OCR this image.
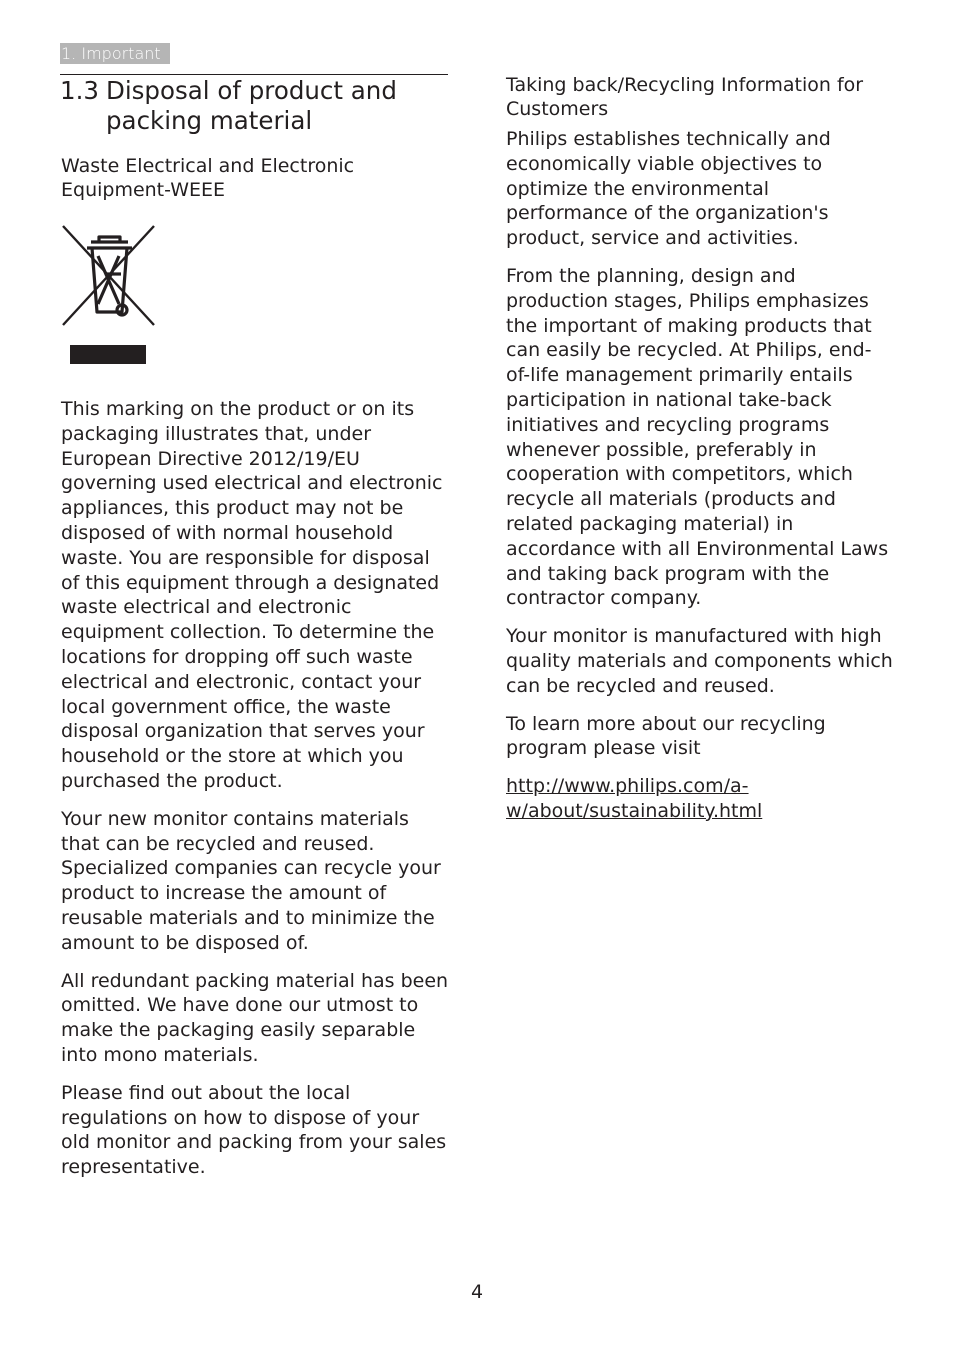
1. Important
1.3 Disposal of product and packing material
Waste Electrical and Electronic Equipment-WEEE

This marking on the product or on its packaging illustrates that, under European Directive 2012/19/EU governing used electrical and electronic appliances, this product may not be disposed of with normal household waste. You are responsible for disposal of this equipment through a designated waste electrical and electronic equipment collection. To determine the locations for dropping off such waste electrical and electronic, contact your local government office, the waste disposal organization that serves your household or the store at which you purchased the product.

Your new monitor contains materials that can be recycled and reused. Specialized companies can recycle your product to increase the amount of reusable materials and to minimize the amount to be disposed of.

All redundant packing material has been omitted. We have done our utmost to make the packaging easily separable into mono materials.

Please find out about the local regulations on how to dispose of your old monitor and packing from your sales representative.

Taking back/Recycling Information for Customers

Philips establishes technically and economically viable objectives to optimize the environmental performance of the organization's product, service and activities.

From the planning, design and production stages, Philips emphasizes the important of making products that can easily be recycled. At Philips, end-of-life management primarily entails participation in national take-back initiatives and recycling programs whenever possible, preferably in cooperation with competitors, which recycle all materials (products and related packaging material) in accordance with all Environmental Laws and taking back program with the contractor company.

Your monitor is manufactured with high quality materials and components which can be recycled and reused.

To learn more about our recycling program please visit

http://www.philips.com/a-w/about/sustainability.html

4
